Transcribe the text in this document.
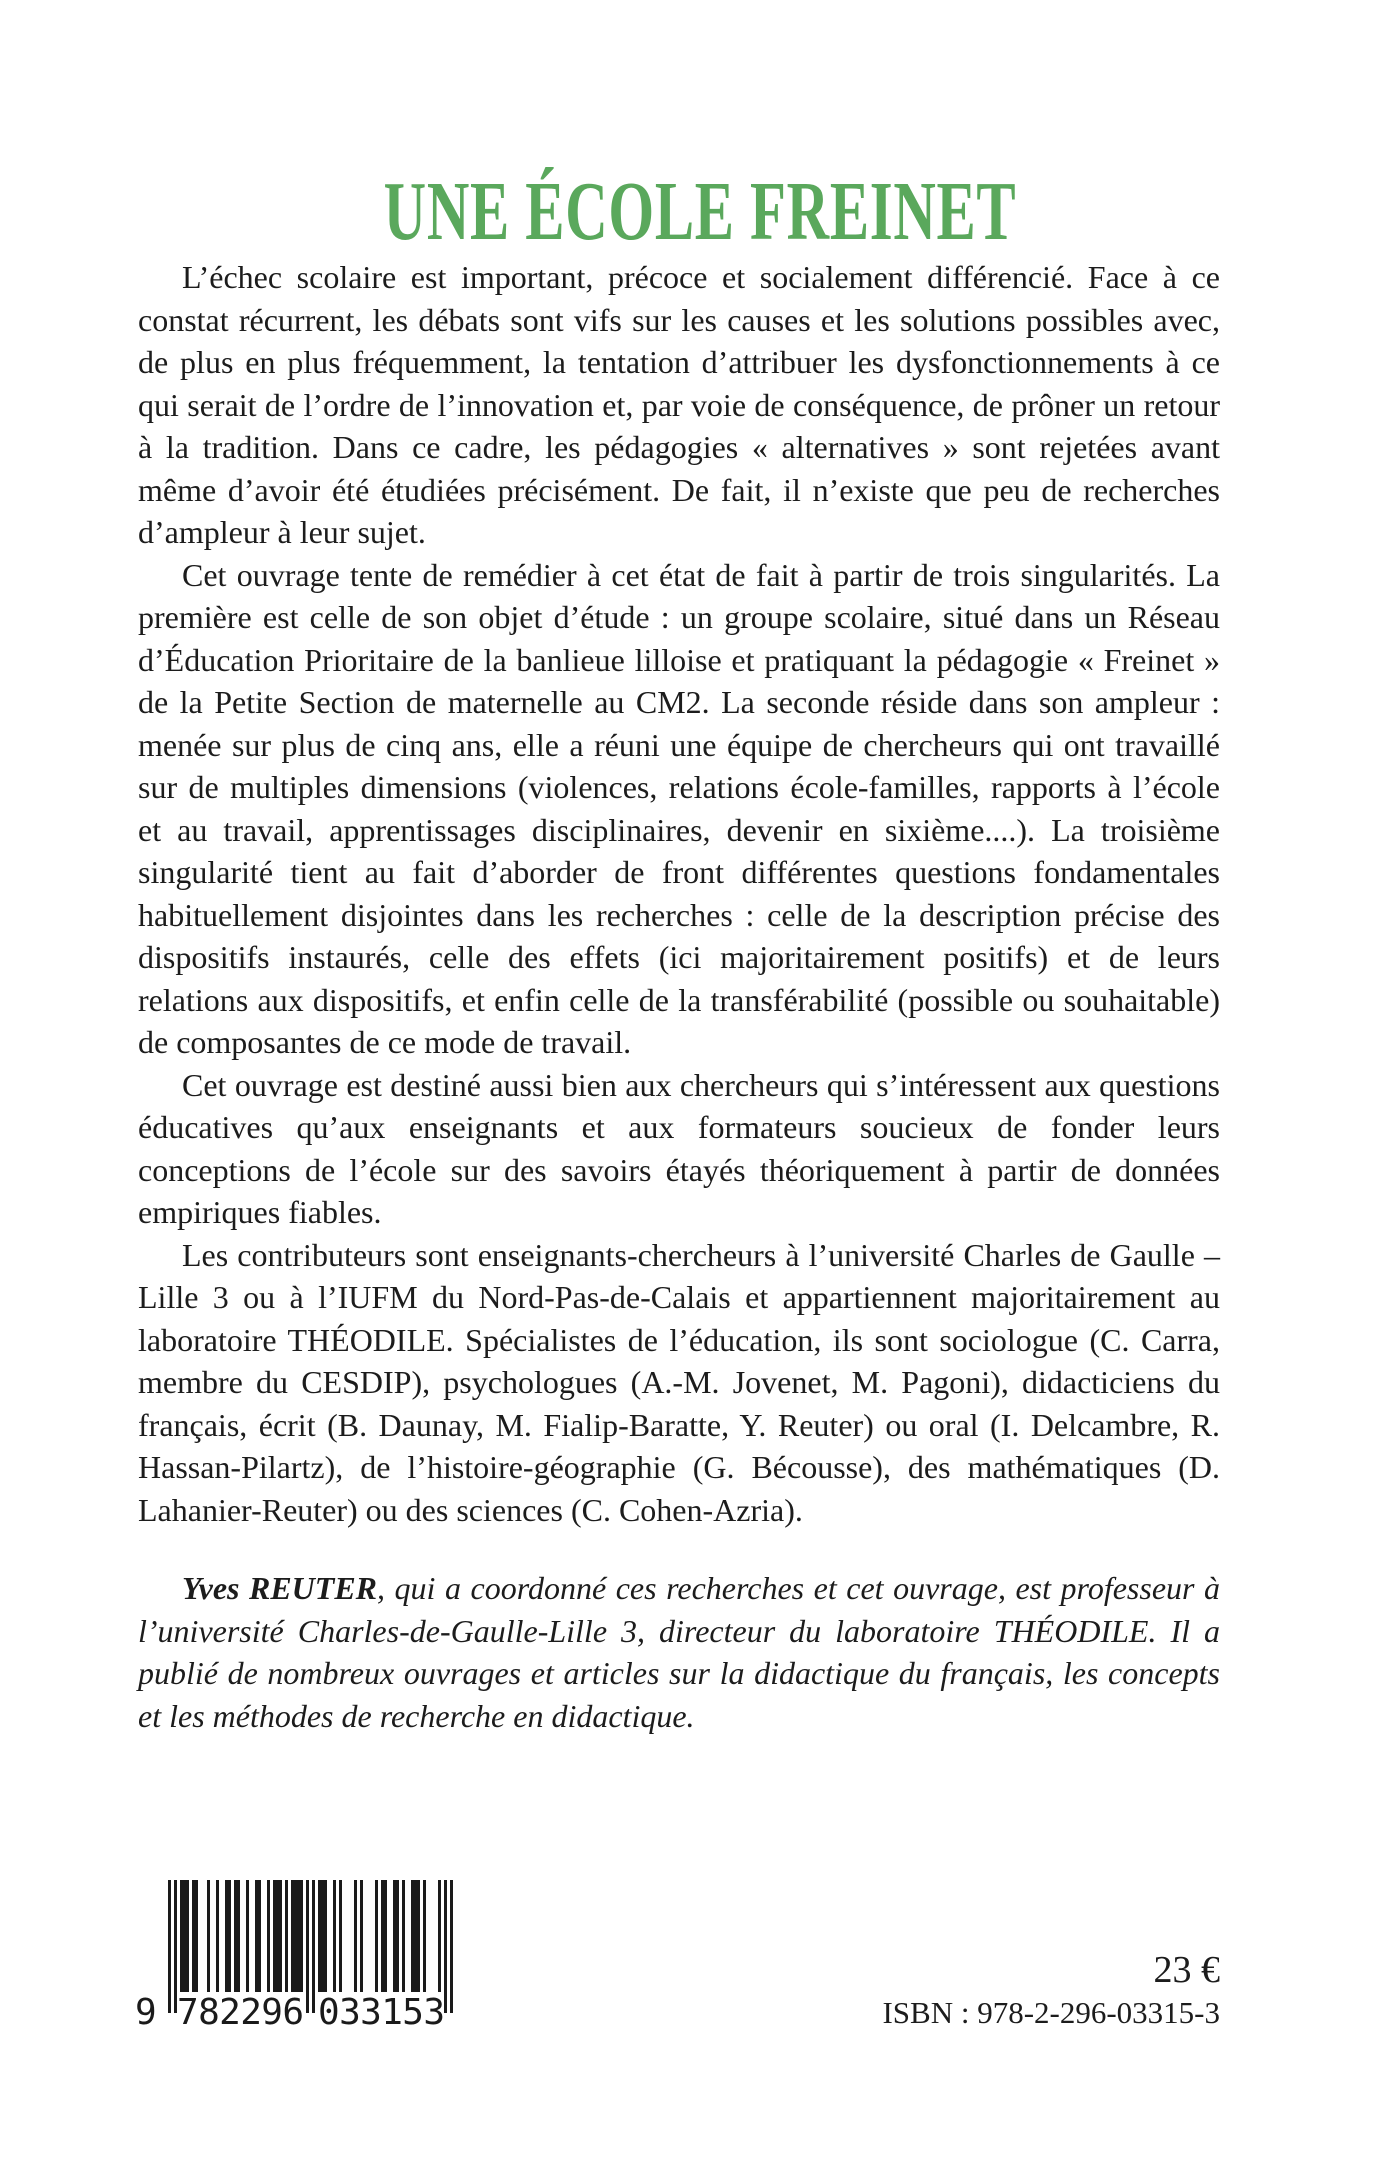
UNE ÉCOLE FREINET

L’échec scolaire est important, précoce et socialement différencié. Face à ce constat récurrent, les débats sont vifs sur les causes et les solutions possibles avec, de plus en plus fréquemment, la tentation d’attribuer les dysfonctionnements à ce qui serait de l’ordre de l’innovation et, par voie de conséquence, de prôner un retour à la tradition. Dans ce cadre, les pédagogies « alternatives » sont rejetées avant même d’avoir été étudiées précisément. De fait, il n’existe que peu de recherches d’ampleur à leur sujet.

Cet ouvrage tente de remédier à cet état de fait à partir de trois singularités. La première est celle de son objet d’étude : un groupe scolaire, situé dans un Réseau d’Éducation Prioritaire de la banlieue lilloise et pratiquant la pédagogie « Freinet » de la Petite Section de maternelle au CM2. La seconde réside dans son ampleur : menée sur plus de cinq ans, elle a réuni une équipe de chercheurs qui ont travaillé sur de multiples dimensions (violences, relations école-familles, rapports à l’école et au travail, apprentissages disciplinaires, devenir en sixième....). La troisième singularité tient au fait d’aborder de front différentes questions fondamentales habituellement disjointes dans les recherches : celle de la description précise des dispositifs instaurés, celle des effets (ici majoritairement positifs) et de leurs relations aux dispositifs, et enfin celle de la transférabilité (possible ou souhaitable) de composantes de ce mode de travail.

Cet ouvrage est destiné aussi bien aux chercheurs qui s’intéressent aux questions éducatives qu’aux enseignants et aux formateurs soucieux de fonder leurs conceptions de l’école sur des savoirs étayés théoriquement à partir de données empiriques fiables.

Les contributeurs sont enseignants-chercheurs à l’université Charles de Gaulle – Lille 3 ou à l’IUFM du Nord-Pas-de-Calais et appartiennent majoritairement au laboratoire THÉODILE. Spécialistes de l’éducation, ils sont sociologue (C. Carra, membre du CESDIP), psychologues (A.-M. Jovenet, M. Pagoni), didacticiens du français, écrit (B. Daunay, M. Fialip-Baratte, Y. Reuter) ou oral (I. Delcambre, R. Hassan-Pilartz), de l’histoire-géographie (G. Bécousse), des mathématiques (D. Lahanier-Reuter) ou des sciences (C. Cohen-Azria).

Yves REUTER, qui a coordonné ces recherches et cet ouvrage, est professeur à l’université Charles-de-Gaulle-Lille 3, directeur du laboratoire THÉODILE. Il a publié de nombreux ouvrages et articles sur la didactique du français, les concepts et les méthodes de recherche en didactique.

9 782296 033153
23 €
ISBN : 978-2-296-03315-3
